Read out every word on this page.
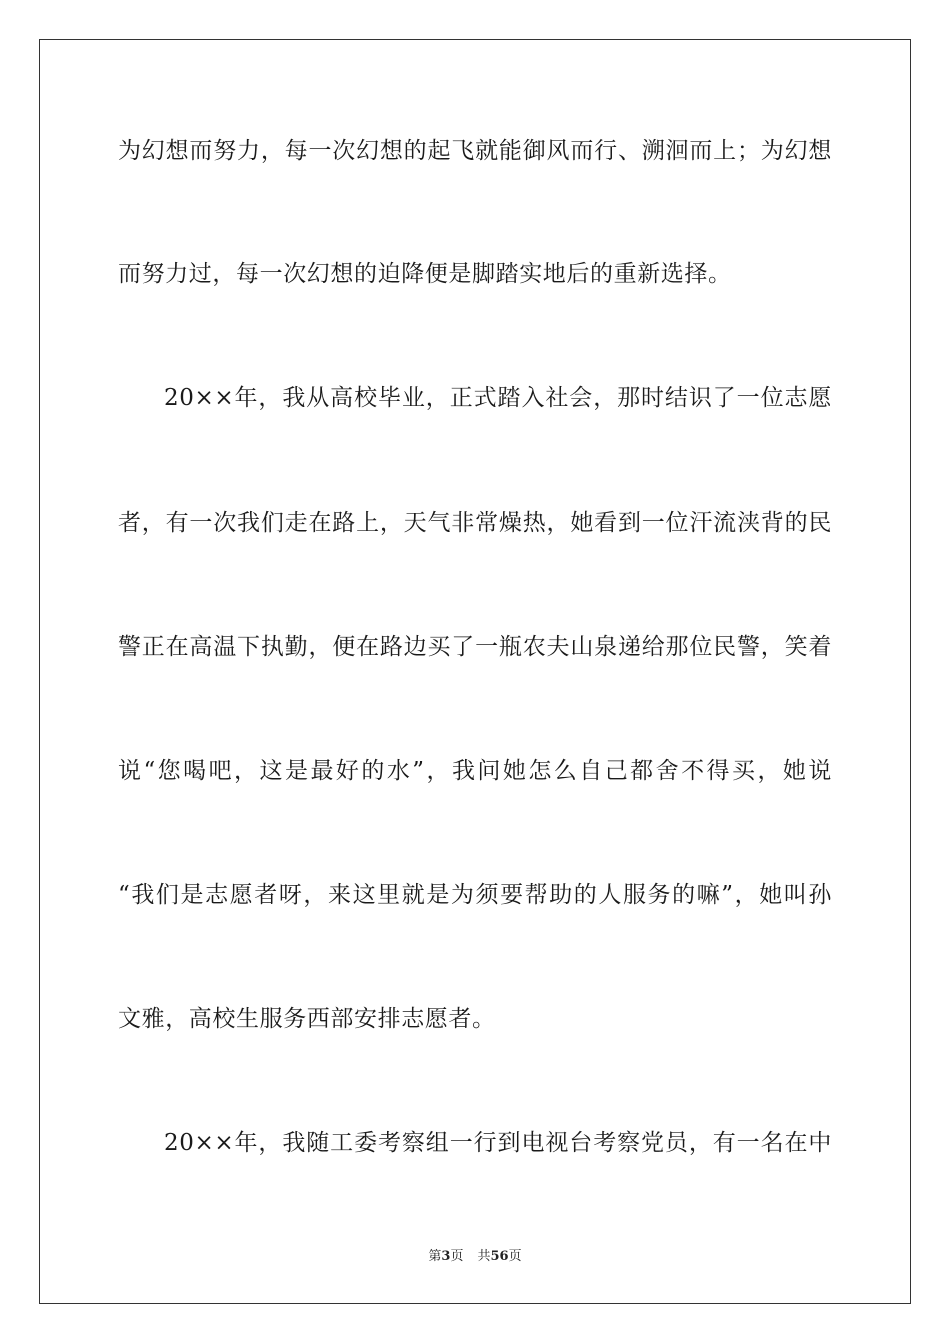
为幻想而努力，每一次幻想的起飞就能御风而行、溯洄而上；为幻想
而努力过，每一次幻想的迫降便是脚踏实地后的重新选择。
20××年，我从高校毕业，正式踏入社会，那时结识了一位志愿
者，有一次我们走在路上，天气非常燥热，她看到一位汗流浃背的民
警正在高温下执勤，便在路边买了一瓶农夫山泉递给那位民警，笑着
说“您喝吧，这是最好的水”，我问她怎么自己都舍不得买，她说
“我们是志愿者呀，来这里就是为须要帮助的人服务的嘛”，她叫孙
文雅，高校生服务西部安排志愿者。
20××年，我随工委考察组一行到电视台考察党员，有一名在中
第3页 共56页
